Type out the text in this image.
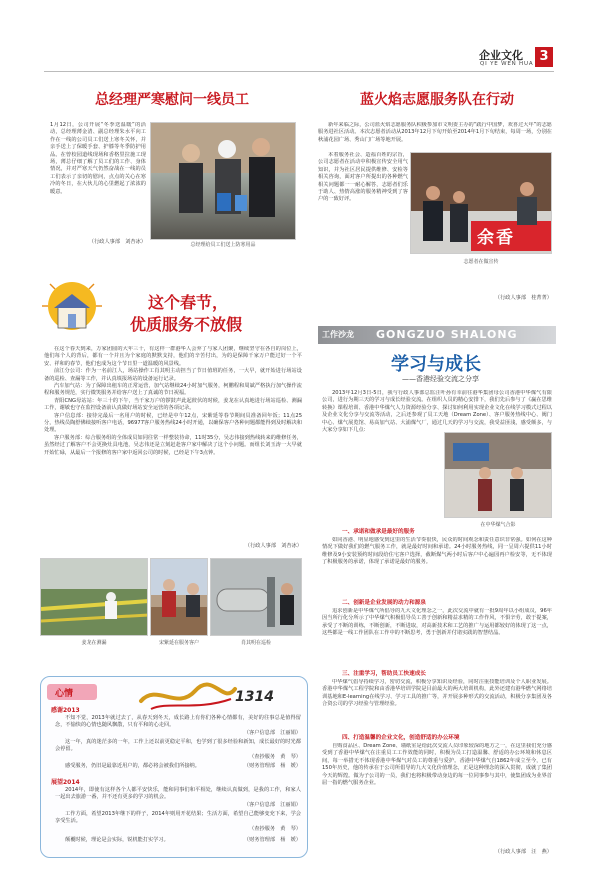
企业文化
QI YE WEN HUA 3
总经理严寒慰问一线员工
1月12日，公司开展“冬季送温暖”的活动，总经理薄金清、副总经理朱水平向工作在一线的公司员工们送上寒冬关怀，并亲手送上了保暖手套、护膝等冬季防护用品。在曾校园道线现场和香格里拉施工现场，薄总仔细了解了员工们的工作、身体情况，并对严寒天气仍然奋战在一线的员工们表示了亲切的慰问，点点的关心在寒冷的冬日，在大伙儿的心里燃起了浓浓的暖意。
（行政人事部　刘杏冰）	总经理给员工们送上防寒用品
蓝火焰志愿服务队在行动
新年来临之际，公司蓝火焰志愿服务队积极参加市文明委主办的“践行中国梦，欢喜过大年”的志愿服务进社区活动。本次志愿者活动从2013年12月下旬开始至2014年1月下旬结束，每周一场，分别在秋浦花园广场、秀山门广场等地开展。
本着服务社会、造福百姓的宗旨，公司志愿者在活动中积极宣传安全用气知识，并为社区居民提供维修、安检等相关咨询，面对客户所提出的各种燃气相关问题都一一耐心解答，志愿者们乐于助人、热情高涨的服务精神受到了客户的一致好评。
余香　
志愿者在做宣传
（行政人事部　桂菁菁）
这个春节，
优质服务不放假

在这个春天到来，万家团圆的大年三十，有这样一群港华人会弃了与家人团聚，继续坚守在各自的岗位上，他们每个人的背后，都有一个并且为个家庭的默默支持，他们的辛苦付出，为的是保障千家万户能过好一个平安、祥和的春节，他们也成为这个节日里一道温暖的风景线。

前江分公司：作为一名前江人，场站操作工肖其明主动担当了节日值班的任务，一大早，就开始进行场站设备的巡检、查漏等工作，并认真填报场站的设备运行记录。

汽车加气站：为了保障出租车的正常运营，加气站继续24小时加气服务，柯鹏程和周斌严格执行加气操作流程和服务规范，实行微笑服务并给客户送上了真诚的节日祝福。

青阳CNG母站站：年三十的下午，当千家万户的锣鼓声此起彼伏的时候，姜龙在认真地进行场站巡检、测漏工作，谢敏也守在监控设备前认真做好场站安全运营的各项记录。

客户信息部：接待完最后一名用户的时候，已经是中午12点，宋紫延等春节期间员准备回年饭；11点25分，热线员陶舒佛续接听客户电话，96977客户服务热线24小时开通，以确保客户各种问题都能得到及时解决和处理。

客户服务部：综合服务组的全体成员如同往常一样整装待命，11时35分，吴志伟接到热线转来的维修任务，虽然经过了解客户不会更换灶具电池，吴志伟还是立刻赶赴客户家中解决了这个小问题。而组长刘玉涛一大早就开始忙碌，从最后一个报修的客户家中返回公司的时候，已经是下午3点钟。

（行政人事部　刘杏冰）
姜龙在测漏	宋紫延在服务客户	肖其明在巡检
心情	1314
感谢2013
不知不觉，2013年就过去了，从春天到冬天，成长路上有你们各种心情都有，美好的往事总是值得留念，不愉快的心情也随风飘散，只有平和的心走回。
（客户信息部　江丽娟）
这一年，真的迷茫多的一年，工作上还以前更稳定平和，也学到了很多经验和新知，成长最好的时光都会停留。
（查抄服务　黄　琴）
感受服务，仍旧是最靠近用户的，都必将会被我们所接纳。	（财务管理部　杨　媛）
展望2014
2014年，即使有这样各个人都平安快乐，能和同事们和平相处，继续认真做到，是我的工作，和家人一起出去旅游一番，并不还有更多的学习的机会。
（客户信息部　江丽娟）
工作方面，希望2013年继下的样子，2014年则用开花结果；生活方面，希望自己能够变充下来，学会享受生活。
（查抄服务　黄　琴）
颠覆时候，理论是会实际，锐机能打实学习。	（财务管理部　杨　媛）
工作沙龙 GONGZUO SHALONG
学习与成长
——香港经验交流之分享
2013年12月3日-5日，我与行政人事部总监汪叶孙有幸前往港华集团母公司香港中华煤气有限公司，进行为期三天的学习与成长经验交流。在组织人员的精心安排下，我们先后参与了《赢在思维转换》课程培训、香港中华煤气人力资源经验分享、探讨如何利用实现企业文化在线学习模式过程以及企业文化分享与交流等活动，之后还参观了员工天地（Dream Zone）、客户服务热线中心、阀门中心、煤气展览馆、易高加气站、大浦煤气厂，通过几天的学习与交流，我受益匪浅，感受颇多，与大家分享如下几点：
在中华煤气合影
一、承诺和做承是最好的服务
如同香港、明显地感受到这里的生活节奏很快，民众的时间观念和责任意识非常强。如何在这种情况下做好我们的燃气服务工作，就是最好时间和承诺。24小时服务热线，同一呈周六提供11小时维修及9小安装预约时间段给住宅客户选择，截断煤气两小时后客户中心遍园再户检安等，无不体现了积极服务的承诺，体现了承诺是最好的服务。
二、创新是企业发展的动力和源泉
追求创新是中华煤气所倡导的九大文化理念之一，此次交流中就有一批9周年以小组成员，96年因当所行化分所示了中华煤气积极倡导员工善于创新和精益求精的工作作风，不惧辛劳，敢于提案，承受了不断的训练，不断创新，不断进取，对高新技术和工艺的推广与运用都较好的体现了这一点，这些都是一线工作团队在工作中的不断思考，勇于创新并付诸实践的智慧结晶。
三、注重学习，帮助员工快速成长
中华煤气倡导持续学习，密切交流，积极分享知识及经验，同时注重技能培训及个人职业发展。香港中华煤气工程学院和由香港华培训学院是目前最大的两大培训机构，此外还建有港华燃气网络培训基地和E-learning在线学习、学习工具的推广等，并开展多种形式的交流活动，积极分享集团及各合资公司的学习经验与管理经验。
四、打造温馨的企业文化，创造舒适的办公环境
自购食品区、Dream Zone、墙纸室是给此次交流人员印象较深的地方之一，在这里我们充分感受到了香港中华煤气在注重员工工作效能的同时，积极为员工打造温馨、舒适的办公环境和休息区间，每一举措无不体现香港中华煤气对员工的尊重与爱护。香港中华煤气自1862年成立至今，已有150年历史，他的传承在于公司所倡导的九大文化价值理念，正是这种理念的深入贯彻，成就了集团今天的辉煌。做为子公司的一员，我们也将积极带动身边的每一位同事参与其中，使集团成为业界首屈一指的燃气服务企业。
（行政人事部　汪　燕）
